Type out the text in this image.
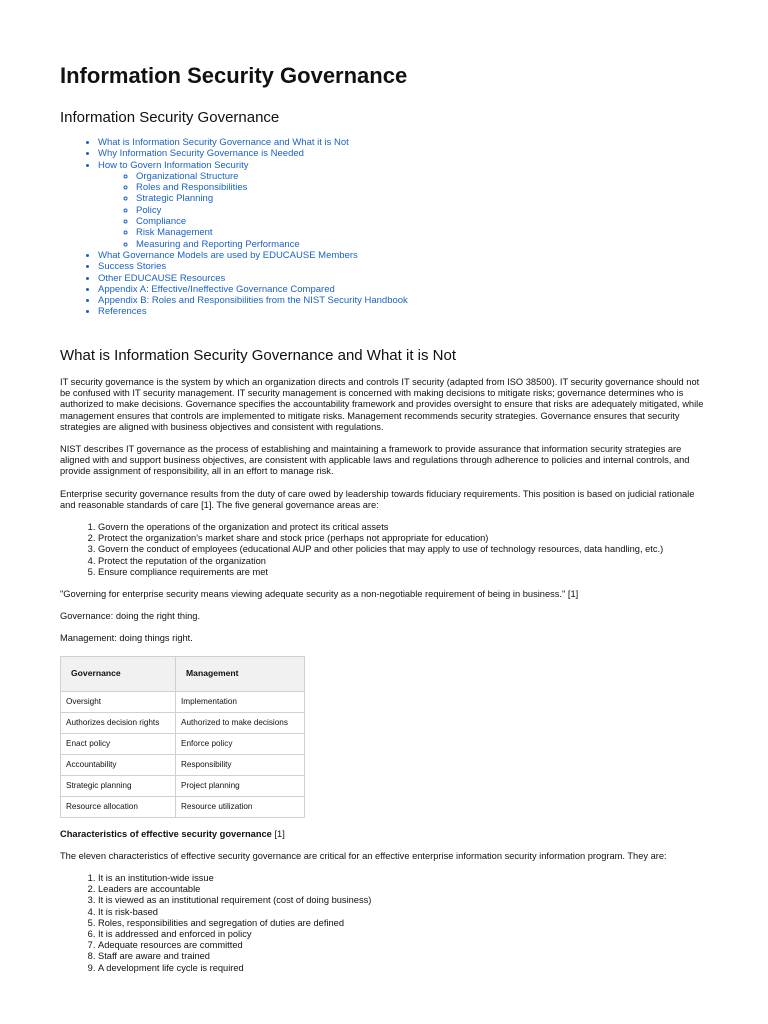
Information Security Governance
Information Security Governance
• What is Information Security Governance and What it is Not
• Why Information Security Governance is Needed
• How to Govern Information Security
◦ Organizational Structure
◦ Roles and Responsibilities
◦ Strategic Planning
◦ Policy
◦ Compliance
◦ Risk Management
◦ Measuring and Reporting Performance
• What Governance Models are used by EDUCAUSE Members
• Success Stories
• Other EDUCAUSE Resources
• Appendix A: Effective/Ineffective Governance Compared
• Appendix B: Roles and Responsibilities from the NIST Security Handbook
• References
What is Information Security Governance and What it is Not

IT security governance is the system by which an organization directs and controls IT security (adapted from ISO 38500). IT security governance should not be confused with IT security management. IT security management is concerned with making decisions to mitigate risks; governance determines who is authorized to make decisions. Governance specifies the accountability framework and provides oversight to ensure that risks are adequately mitigated, while management ensures that controls are implemented to mitigate risks. Management recommends security strategies. Governance ensures that security strategies are aligned with business objectives and consistent with regulations.

NIST describes IT governance as the process of establishing and maintaining a framework to provide assurance that information security strategies are aligned with and support business objectives, are consistent with applicable laws and regulations through adherence to policies and internal controls, and provide assignment of responsibility, all in an effort to manage risk.

Enterprise security governance results from the duty of care owed by leadership towards fiduciary requirements. This position is based on judicial rationale and reasonable standards of care [1]. The five general governance areas are:

1. Govern the operations of the organization and protect its critical assets
2. Protect the organization's market share and stock price (perhaps not appropriate for education)
3. Govern the conduct of employees (educational AUP and other policies that may apply to use of technology resources, data handling, etc.)
4. Protect the reputation of the organization
5. Ensure compliance requirements are met

"Governing for enterprise security means viewing adequate security as a non-negotiable requirement of being in business." [1]

Governance: doing the right thing.

Management: doing things right.

Governance	Management
Oversight	Implementation
Authorizes decision rights	Authorized to make decisions
Enact policy	Enforce policy
Accountability	Responsibility
Strategic planning	Project planning
Resource allocation	Resource utilization

Characteristics of effective security governance [1]

The eleven characteristics of effective security governance are critical for an effective enterprise information security information program. They are:

1. It is an institution-wide issue
2. Leaders are accountable
3. It is viewed as an institutional requirement (cost of doing business)
4. It is risk-based
5. Roles, responsibilities and segregation of duties are defined
6. It is addressed and enforced in policy
7. Adequate resources are committed
8. Staff are aware and trained
9. A development life cycle is required
